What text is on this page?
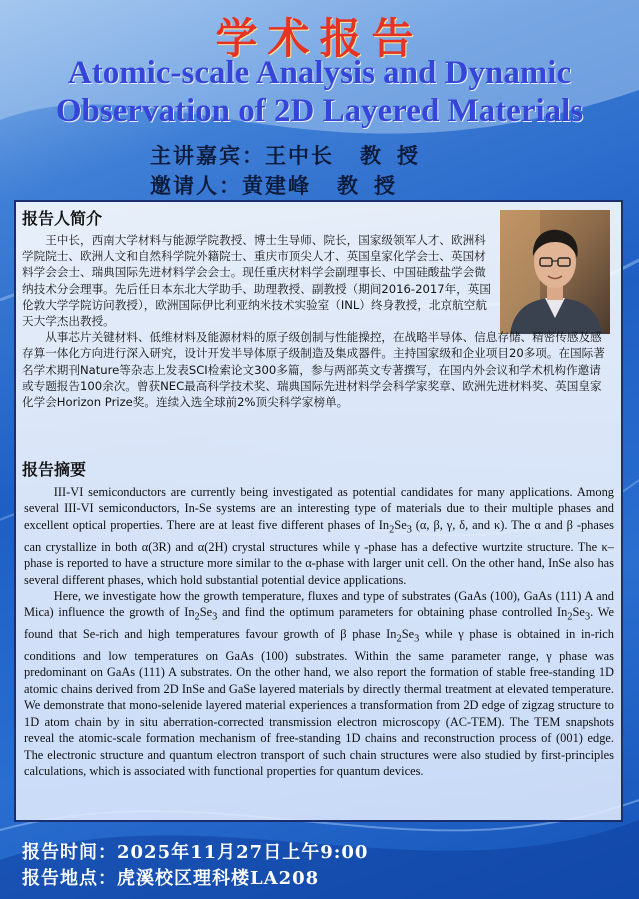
学术报告
Atomic-scale Analysis and Dynamic Observation of 2D Layered Materials
主讲嘉宾：王中长 教授
邀请人：黄建峰 教授
报告人简介

王中长，西南大学材料与能源学院教授、博士生导师、院长，国家级领军人才、欧洲科学院院士、欧洲人文和自然科学院外籍院士、重庆市顶尖人才、英国皇家化学会士、英国材料学会会士、瑞典国际先进材料学会会士。现任重庆材料学会副理事长、中国硅酸盐学会微纳技术分会理事。先后任日本东北大学助手、助理教授、副教授（期间2016-2017年，英国伦敦大学学院访问教授），欧洲国际伊比利亚纳米技术实验室（INL）终身教授，北京航空航天大学杰出教授。

从事芯片关键材料、低维材料及能源材料的原子级创制与性能操控，在战略半导体、信息存储、精密传感及感存算一体化方向进行深入研究，设计开发半导体原子级制造及集成器件。主持国家级和企业项目20多项。在国际著名学术期刊Nature等杂志上发表SCI检索论文300多篇，参与两部英文专著撰写，在国内外会议和学术机构作邀请或专题报告100余次。曾获NEC最高科学技术奖、瑞典国际先进材料学会科学家奖章、欧洲先进材料奖、英国皇家化学会Horizon Prize奖。连续入选全球前2%顶尖科学家榜单。

报告摘要

III-VI semiconductors are currently being investigated as potential candidates for many applications. Among several III-VI semiconductors, In-Se systems are an interesting type of materials due to their multiple phases and excellent optical properties. There are at least five different phases of $In_2Se_3$ (α, β, γ, δ, and κ). The α and β -phases can crystallize in both α(3R) and α(2H) crystal structures while γ -phase has a defective wurtzite structure. The κ–phase is reported to have a structure more similar to the α-phase with larger unit cell. On the other hand, InSe also has several different phases, which hold substantial potential device applications.

Here, we investigate how the growth temperature, fluxes and type of substrates (GaAs (100), GaAs (111) A and Mica) influence the growth of $In_2Se_3$ and find the optimum parameters for obtaining phase controlled $In_2Se_3$. We found that Se-rich and high temperatures favour growth of β phase $In_2Se_3$ while γ phase is obtained in in-rich conditions and low temperatures on GaAs (100) substrates. Within the same parameter range, γ phase was predominant on GaAs (111) A substrates. On the other hand, we also report the formation of stable free-standing 1D atomic chains derived from 2D InSe and GaSe layered materials by directly thermal treatment at elevated temperature. We demonstrate that mono-selenide layered material experiences a transformation from 2D edge of zigzag structure to 1D atom chain by in situ aberration-corrected transmission electron microscopy (AC-TEM). The TEM snapshots reveal the atomic-scale formation mechanism of free-standing 1D chains and reconstruction process of (001) edge. The electronic structure and quantum electron transport of such chain structures were also studied by first-principles calculations, which is associated with functional properties for quantum devices.

报告时间：2025年11月27日上午9:00
报告地点：虎溪校区理科楼LA208
